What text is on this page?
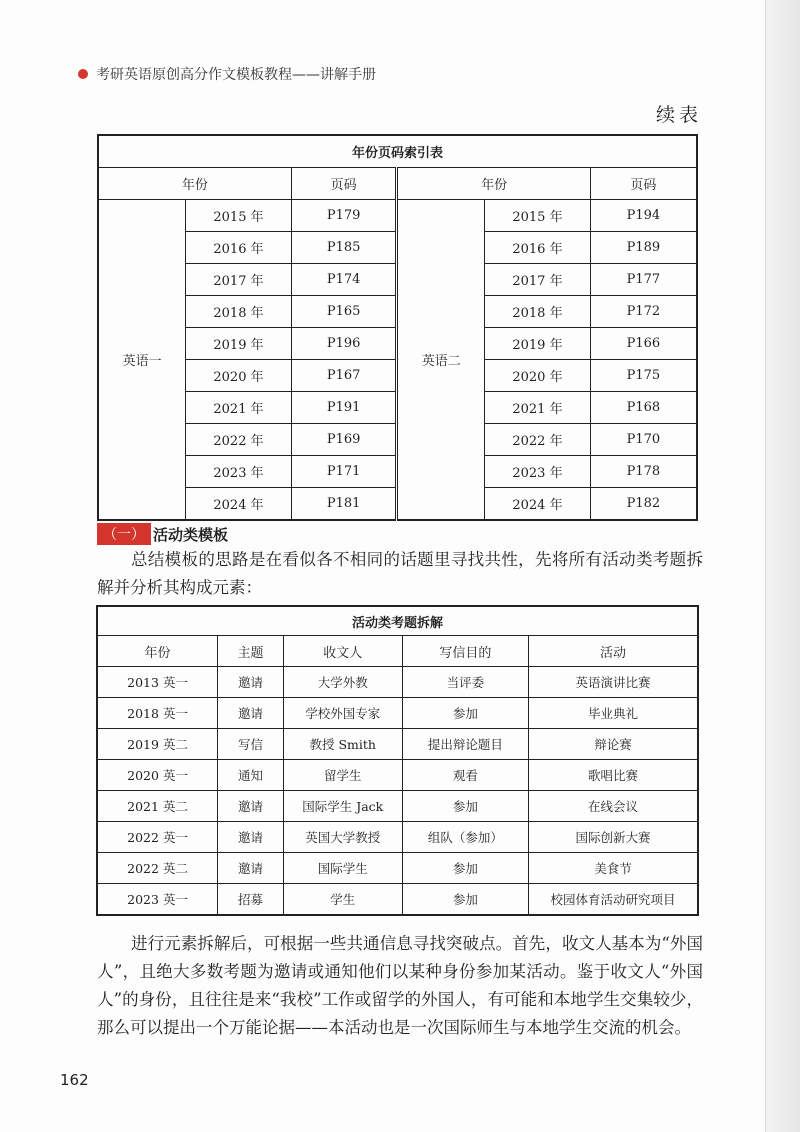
考研英语原创高分作文模板教程——讲解手册
续表
年份页码索引表					
年份		页码	年份		页码
英语一	2015 年	P179	英语二	2015 年	P194
	2016 年	P185		2016 年	P189
	2017 年	P174		2017 年	P177
	2018 年	P165		2018 年	P172
	2019 年	P196		2019 年	P166
	2020 年	P167		2020 年	P175
	2021 年	P191		2021 年	P168
	2022 年	P169		2022 年	P170
	2023 年	P171		2023 年	P178
	2024 年	P181		2024 年	P182
（一） 活动类模板

总结模板的思路是在看似各不相同的话题里寻找共性，先将所有活动类考题拆解并分析其构成元素：

活动类考题拆解				
年份	主题	收文人	写信目的	活动
2013 英一	邀请	大学外教	当评委	英语演讲比赛
2018 英一	邀请	学校外国专家	参加	毕业典礼
2019 英二	写信	教授 Smith	提出辩论题目	辩论赛
2020 英一	通知	留学生	观看	歌唱比赛
2021 英二	邀请	国际学生 Jack	参加	在线会议
2022 英一	邀请	英国大学教授	组队（参加）	国际创新大赛
2022 英二	邀请	国际学生	参加	美食节
2023 英一	招募	学生	参加	校园体育活动研究项目

进行元素拆解后，可根据一些共通信息寻找突破点。首先，收文人基本为“外国人”，且绝大多数考题为邀请或通知他们以某种身份参加某活动。鉴于收文人“外国人”的身份，且往往是来“我校”工作或留学的外国人，有可能和本地学生交集较少，那么可以提出一个万能论据——本活动也是一次国际师生与本地学生交流的机会。

162
